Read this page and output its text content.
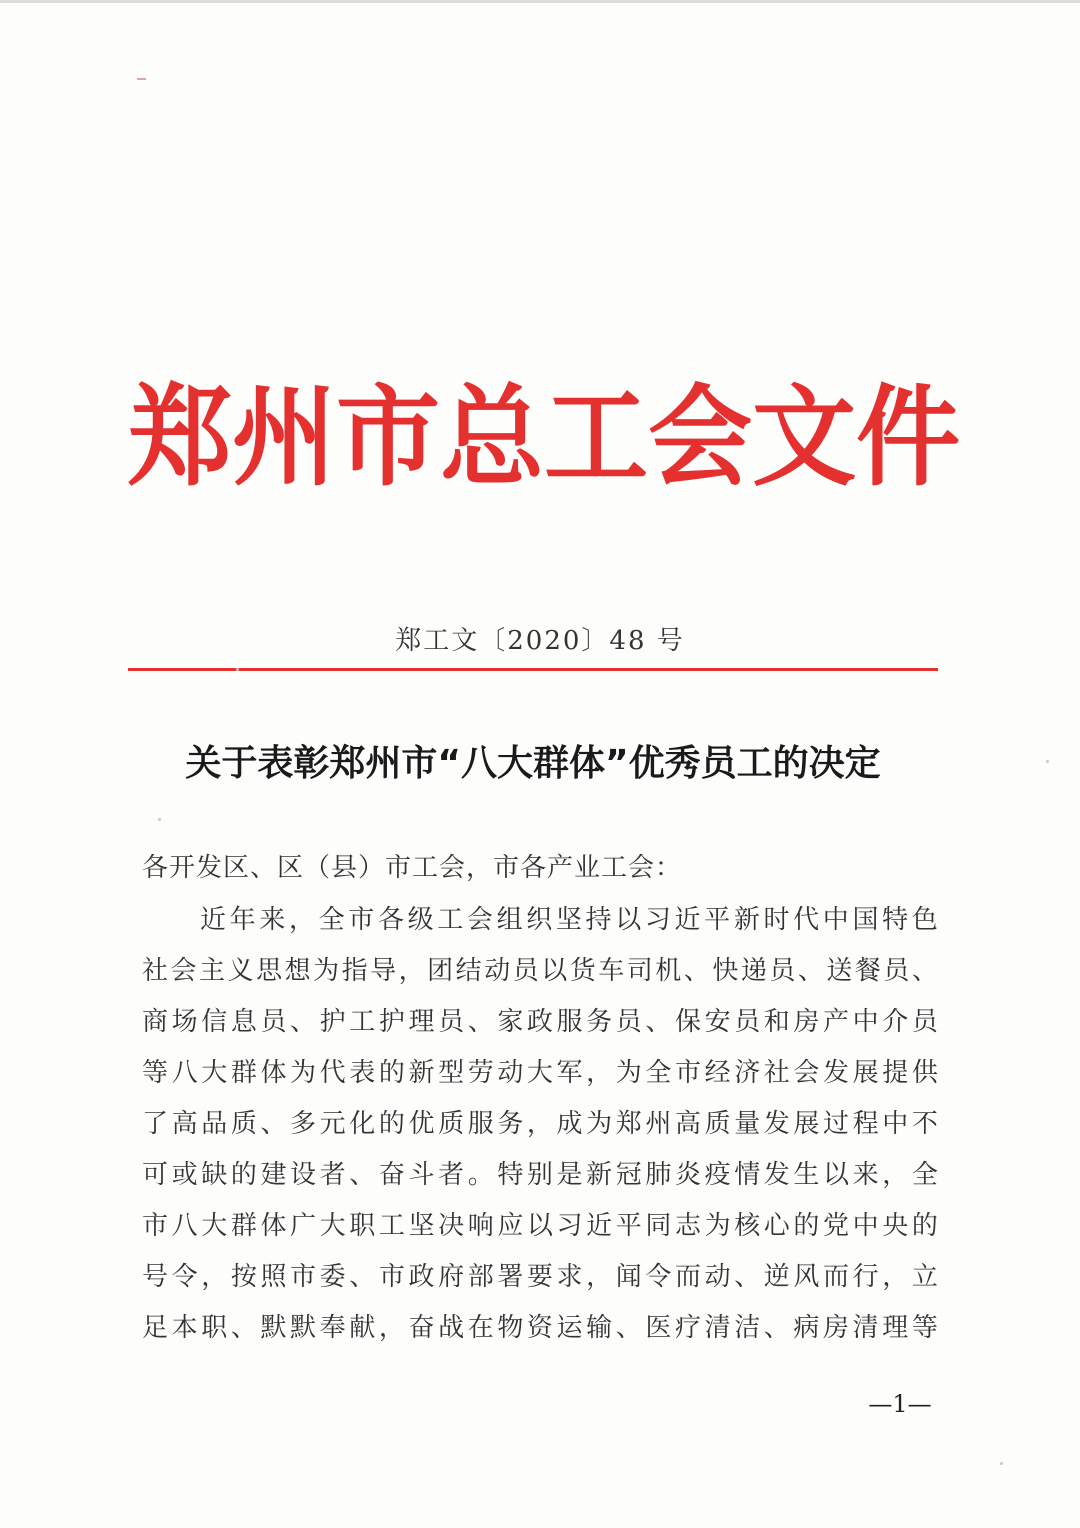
郑 州 市 总 工 会 文 件
郑工文〔2020〕48 号
关于表彰郑州市“八大群体”优秀员工的决定
各开发区、区（县）市工会，市各产业工会：
近 年 来 ， 全 市 各 级 工 会 组 织 坚 持 以 习 近 平 新 时 代 中 国 特 色
社 会 主 义 思 想 为 指 导 ， 团 结 动 员 以 货 车 司 机 、 快 递 员 、 送 餐 员 、
商 场 信 息 员 、 护 工 护 理 员 、 家 政 服 务 员 、 保 安 员 和 房 产 中 介 员
等 八 大 群 体 为 代 表 的 新 型 劳 动 大 军 ， 为 全 市 经 济 社 会 发 展 提 供
了 高 品 质 、 多 元 化 的 优 质 服 务 ， 成 为 郑 州 高 质 量 发 展 过 程 中 不
可 或 缺 的 建 设 者 、 奋 斗 者 。 特 别 是 新 冠 肺 炎 疫 情 发 生 以 来 ， 全
市 八 大 群 体 广 大 职 工 坚 决 响 应 以 习 近 平 同 志 为 核 心 的 党 中 央 的
号 令 ， 按 照 市 委 、 市 政 府 部 署 要 求 ， 闻 令 而 动 、 逆 风 而 行 ， 立
足 本 职 、 默 默 奉 献 ， 奋 战 在 物 资 运 输 、 医 疗 清 洁 、 病 房 清 理 等
—1—
